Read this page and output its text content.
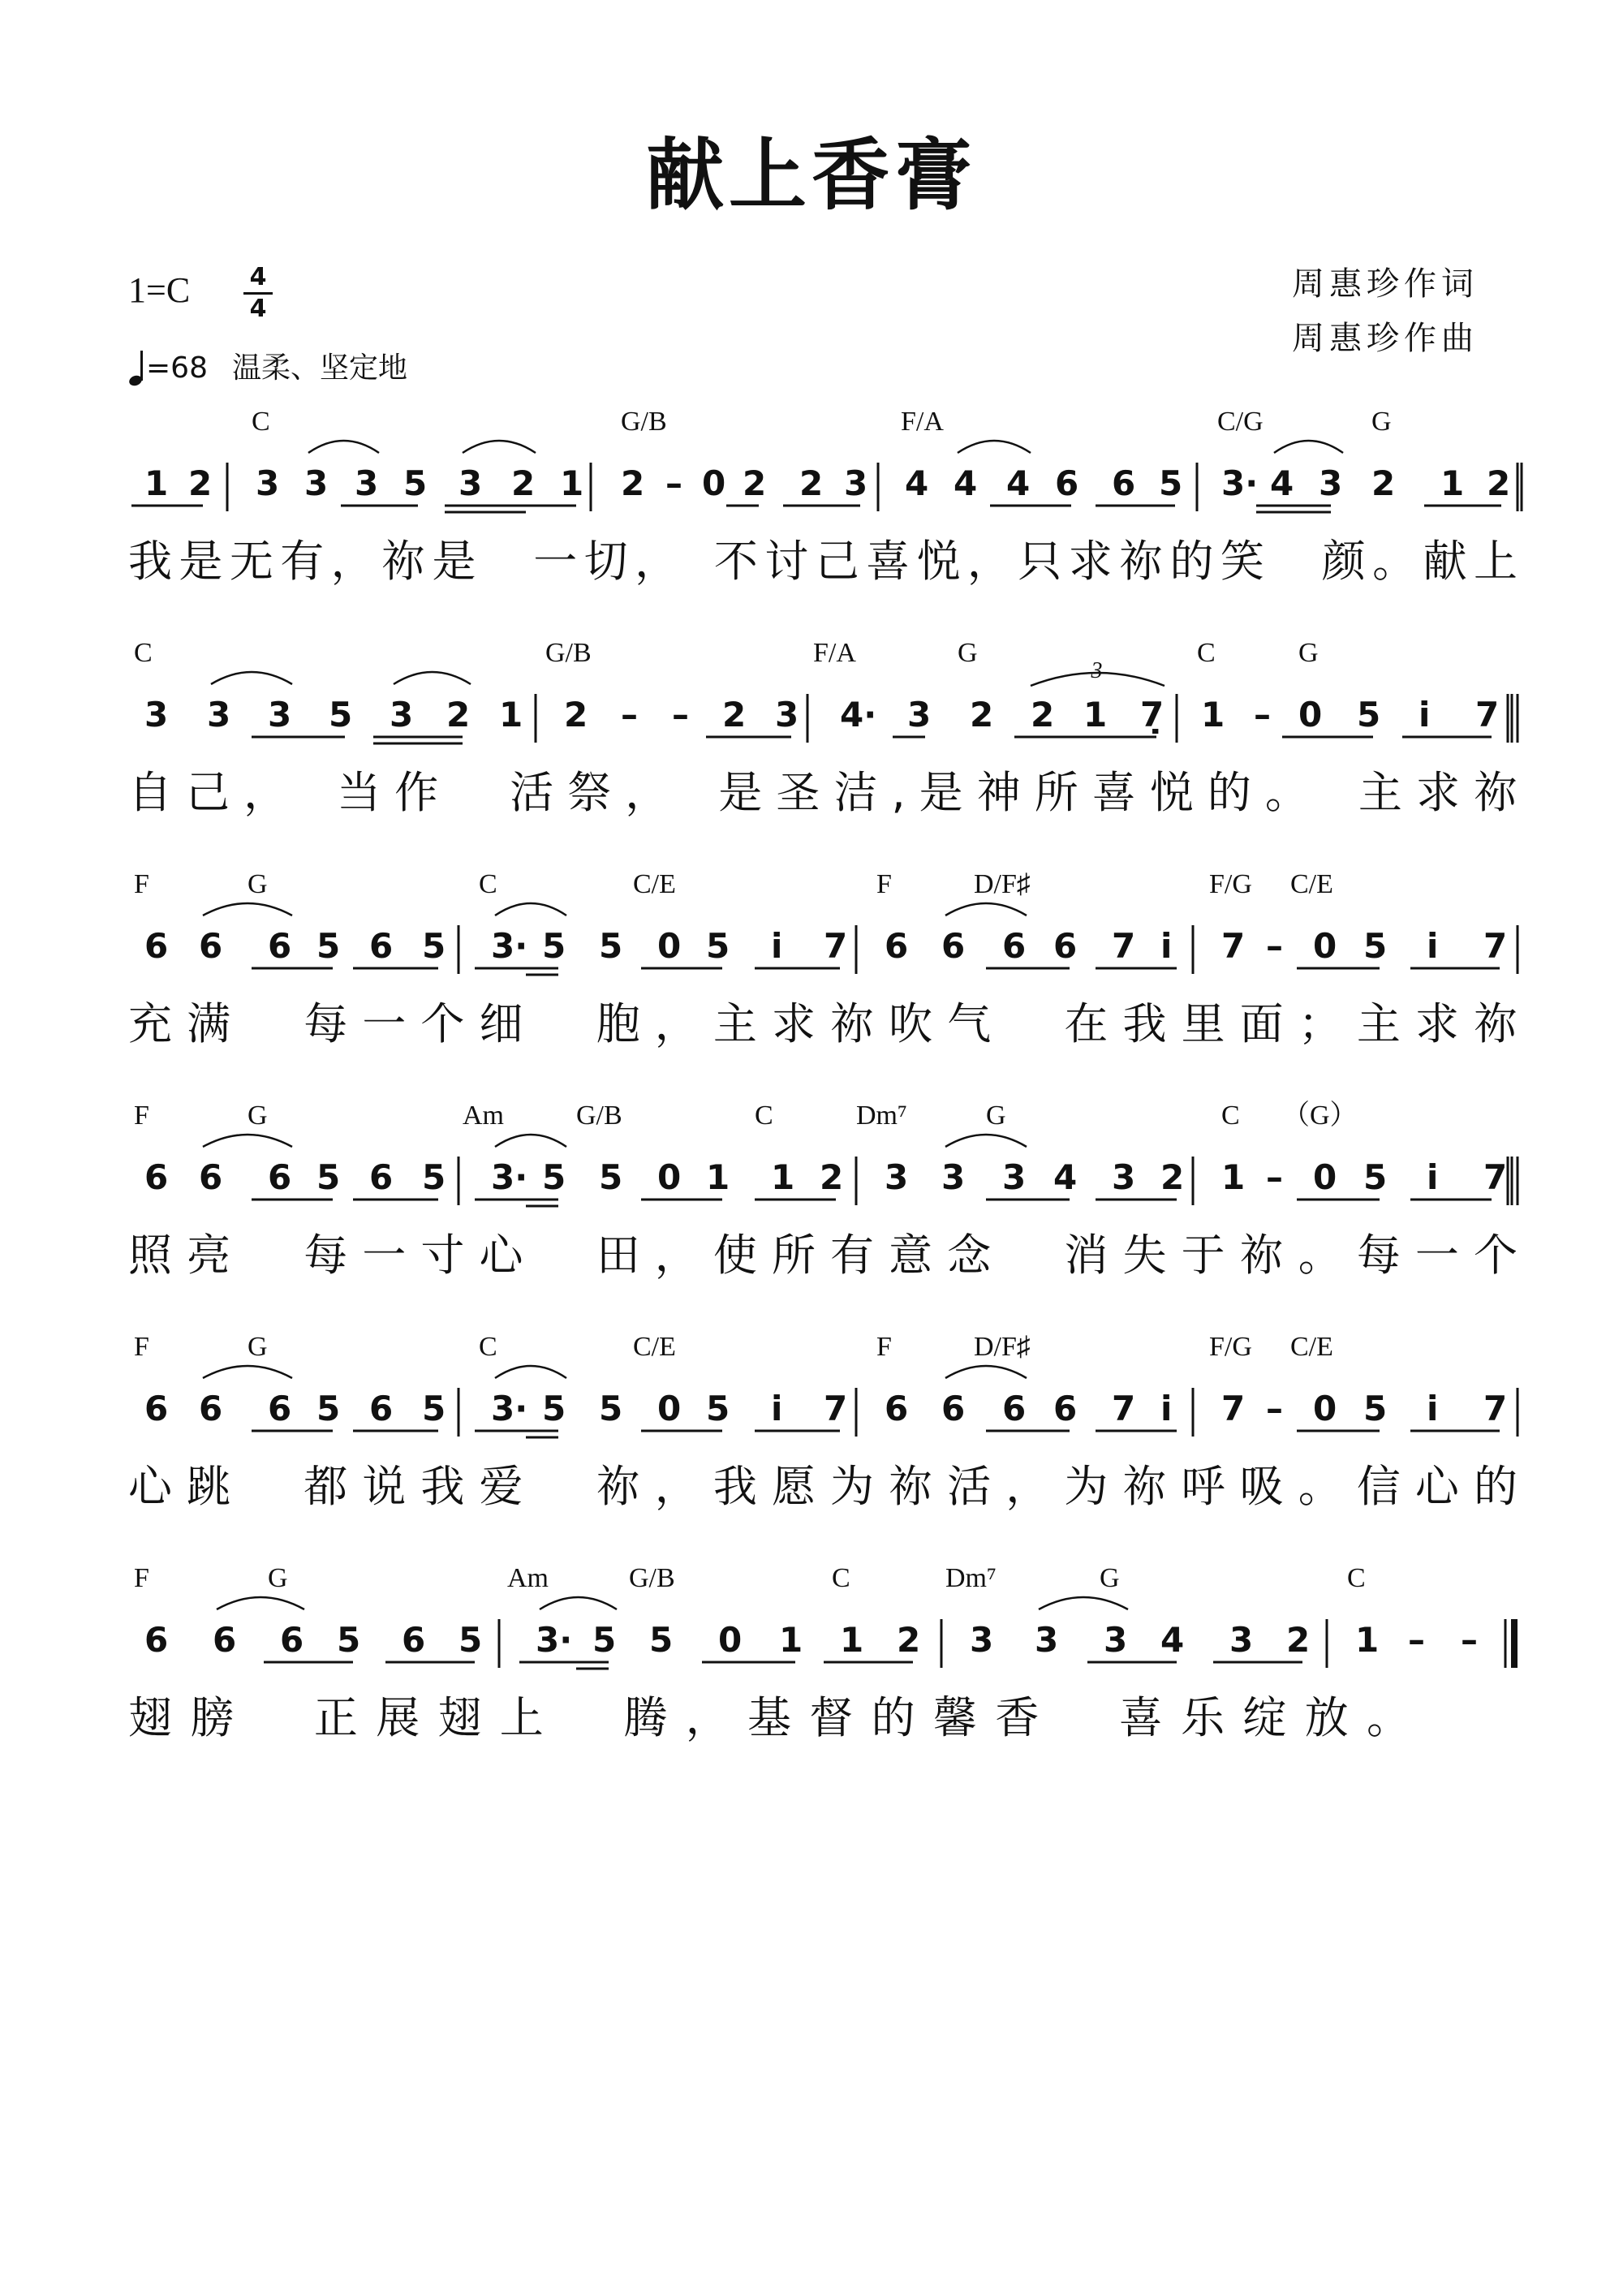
献上香膏
1=C 4
4
=68 温柔、坚定地
周惠珍作词
周惠珍作曲
C	G/B	F/A	C/G	G
1 2 3 3 3 5 3 2 1 2 – 0 2 2 3 4 4 4 6 6 5 3· 4 3 2 1 2
我是无有，祢是　一切，　不讨己喜悦，只求祢的笑　颜。献上
C	G/B	F/A	G	C	G
3 3 3 5 3 2 1 2 – – 2 3 4· 3 2 2 1 7̣ 1 – 0 5 i̇ 7
3
自己，　当作　活祭，　是圣洁,是神所喜悦的。　主求祢
F	G	C	C/E	F	D/F♯	F/G C/E
6 6 6 5 6 5 3· 5 5 0 5 i̇ 7 6 6 6 6 7 i̇ 7 – 0 5 i̇ 7
充满　每一个细　胞，主求祢吹气　在我里面；主求祢
F	G	Am	G/B	C	Dm⁷	G	C （G）
6 6 6 5 6 5 3· 5 5 0 1 1 2 3 3 3 4 3 2 1 – 0 5 i̇ 7
照亮　每一寸心　田，使所有意念　消失于祢。每一个
F	G	C	C/E	F	D/F♯	F/G C/E
6 6 6 5 6 5 3· 5 5 0 5 i̇ 7 6 6 6 6 7 i̇ 7 – 0 5 i̇ 7
心跳　都说我爱　祢，我愿为祢活，为祢呼吸。信心的
F	G	Am	G/B	C	Dm⁷	G	C
6 6 6 5 6 5 3· 5 5 0 1 1 2 3 3 3 4 3 2 1 – –
翅膀　正展翅上　腾，基督的馨香　喜乐绽放。
